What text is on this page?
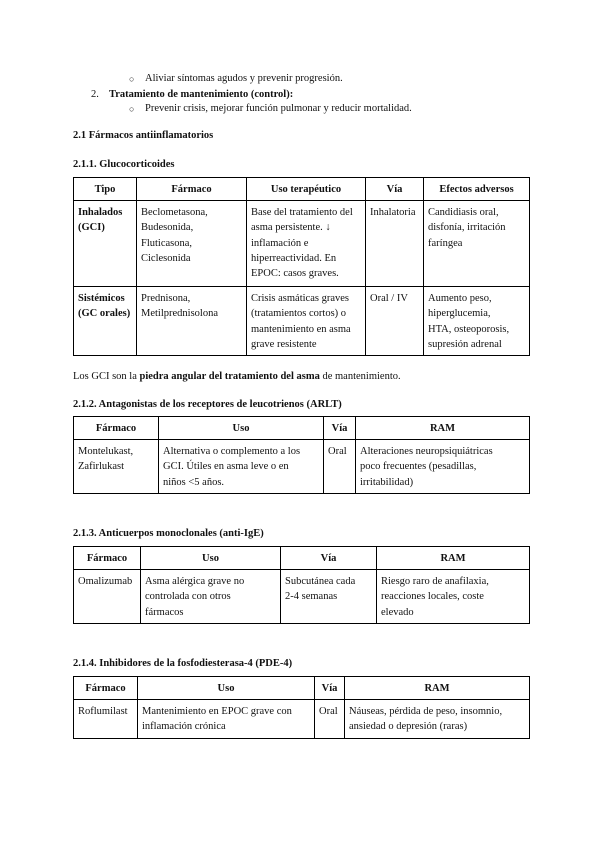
○ Aliviar síntomas agudos y prevenir progresión.
2. Tratamiento de mantenimiento (control):
○ Prevenir crisis, mejorar función pulmonar y reducir mortalidad.
2.1 Fármacos antiinflamatorios
2.1.1. Glucocorticoides
Tipo	Fármaco	Uso terapéutico	Vía	Efectos adversos

Inhalados
(GCI)	Beclometasona,
Budesonida,
Fluticasona,
Ciclesonida	Base del tratamiento del
asma persistente. ↓
inflamación e
hiperreactividad. En
EPOC: casos graves.	Inhalatoria	Candidiasis oral,
disfonía, irritación
faríngea

Sistémicos
(GC orales)	Prednisona,
Metilprednisolona	Crisis asmáticas graves
(tratamientos cortos) o
mantenimiento en asma
grave resistente	Oral / IV	Aumento peso,
hiperglucemia,
HTA, osteoporosis,
supresión adrenal
Los GCI son la piedra angular del tratamiento del asma de mantenimiento.
2.1.2. Antagonistas de los receptores de leucotrienos (ARLT)
Fármaco	Uso	Vía	RAM

Montelukast,
Zafirlukast	Alternativa o complemento a los
GCI. Útiles en asma leve o en
niños <5 años.	Oral	Alteraciones neuropsiquiátricas
poco frecuentes (pesadillas,
irritabilidad)
2.1.3. Anticuerpos monoclonales (anti-IgE)
Fármaco	Uso	Vía	RAM

Omalizumab	Asma alérgica grave no
controlada con otros
fármacos	Subcutánea cada
2-4 semanas	Riesgo raro de anafilaxia,
reacciones locales, coste
elevado
2.1.4. Inhibidores de la fosfodiesterasa-4 (PDE-4)
Fármaco	Uso	Vía	RAM

Roflumilast	Mantenimiento en EPOC grave con
inflamación crónica	Oral	Náuseas, pérdida de peso, insomnio,
ansiedad o depresión (raras)
